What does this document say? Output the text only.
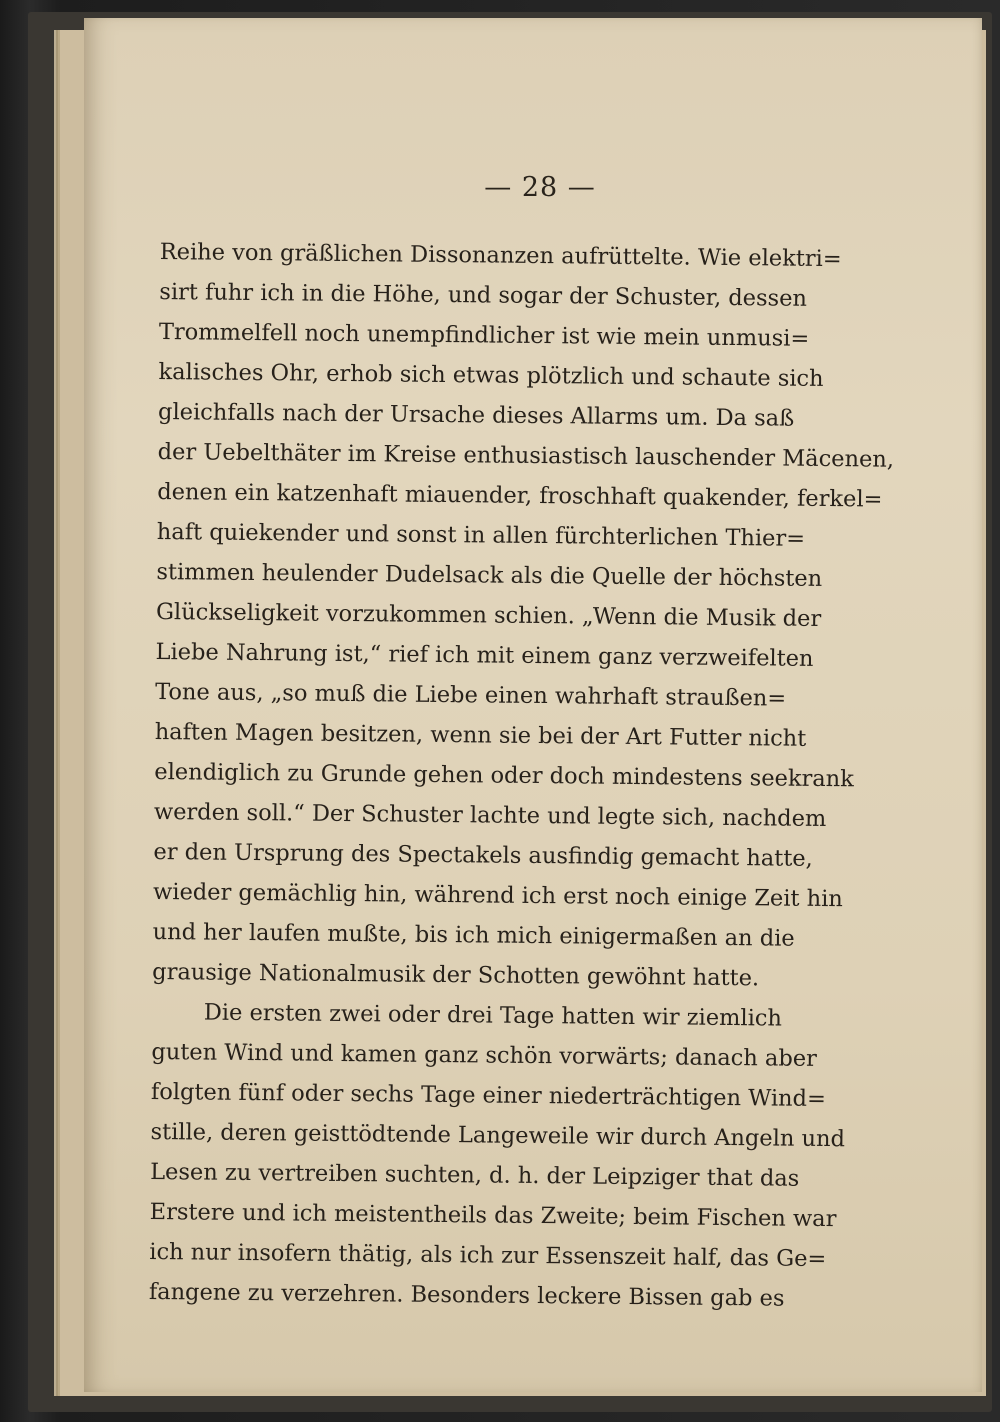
— 28 —
Reihe von gräßlichen Dissonanzen aufrüttelte. Wie elektri=
sirt fuhr ich in die Höhe, und sogar der Schuster, dessen
Trommelfell noch unempfindlicher ist wie mein unmusi=
kalisches Ohr, erhob sich etwas plötzlich und schaute sich
gleichfalls nach der Ursache dieses Allarms um. Da saß
der Uebelthäter im Kreise enthusiastisch lauschender Mäcenen,
denen ein katzenhaft miauender, froschhaft quakender, ferkel=
haft quiekender und sonst in allen fürchterlichen Thier=
stimmen heulender Dudelsack als die Quelle der höchsten
Glückseligkeit vorzukommen schien. „Wenn die Musik der
Liebe Nahrung ist,“ rief ich mit einem ganz verzweifelten
Tone aus, „so muß die Liebe einen wahrhaft straußen=
haften Magen besitzen, wenn sie bei der Art Futter nicht
elendiglich zu Grunde gehen oder doch mindestens seekrank
werden soll.“ Der Schuster lachte und legte sich, nachdem
er den Ursprung des Spectakels ausfindig gemacht hatte,
wieder gemächlig hin, während ich erst noch einige Zeit hin
und her laufen mußte, bis ich mich einigermaßen an die
grausige Nationalmusik der Schotten gewöhnt hatte.
Die ersten zwei oder drei Tage hatten wir ziemlich
guten Wind und kamen ganz schön vorwärts; danach aber
folgten fünf oder sechs Tage einer niederträchtigen Wind=
stille, deren geisttödtende Langeweile wir durch Angeln und
Lesen zu vertreiben suchten, d. h. der Leipziger that das
Erstere und ich meistentheils das Zweite; beim Fischen war
ich nur insofern thätig, als ich zur Essenszeit half, das Ge=
fangene zu verzehren. Besonders leckere Bissen gab es
